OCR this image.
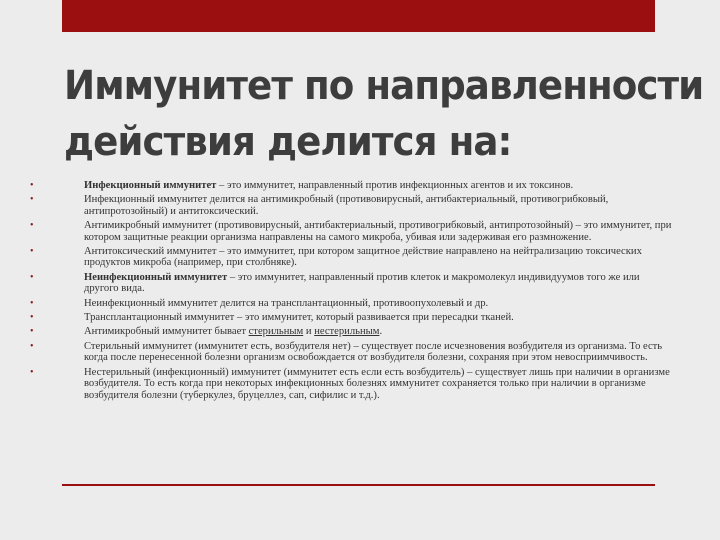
Иммунитет по направленности
действия делится на:
•	Инфекционный иммунитет – это иммунитет, направленный против инфекционных агентов и их токсинов.
•	Инфекционный иммунитет делится на антимикробный (противовирусный, антибактериальный, противогрибковый, антипротозойный) и антитоксический.
•	Антимикробный иммунитет (противовирусный, антибактериальный, противогрибковый, антипротозойный) – это иммунитет, при котором защитные реакции организма направлены на самого микроба, убивая или задерживая его размножение.
•	Антитоксический иммунитет – это иммунитет, при котором защитное действие направлено на нейтрализацию токсических продуктов микроба (например, при столбняке).
•	Неинфекционный иммунитет – это иммунитет, направленный против клеток и макромолекул индивидуумов того же или другого вида.
•	Неинфекционный иммунитет делится на трансплантационный, противоопухолевый и др.
•	Трансплантационный иммунитет – это иммунитет, который развивается при пересадки тканей.
•	Антимикробный иммунитет бывает стерильным и нестерильным.
•	Стерильный иммунитет (иммунитет есть, возбудителя нет) – существует после исчезновения возбудителя из организма. То есть когда после перенесенной болезни организм освобождается от возбудителя болезни, сохраняя при этом невосприимчивость.
•	Нестерильный (инфекционный) иммунитет (иммунитет есть если есть возбудитель) – существует лишь при наличии в организме возбудителя. То есть когда при некоторых инфекционных болезнях иммунитет сохраняется только при наличии в организме возбудителя болезни (туберкулез, бруцеллез, сап, сифилис и т.д.).
